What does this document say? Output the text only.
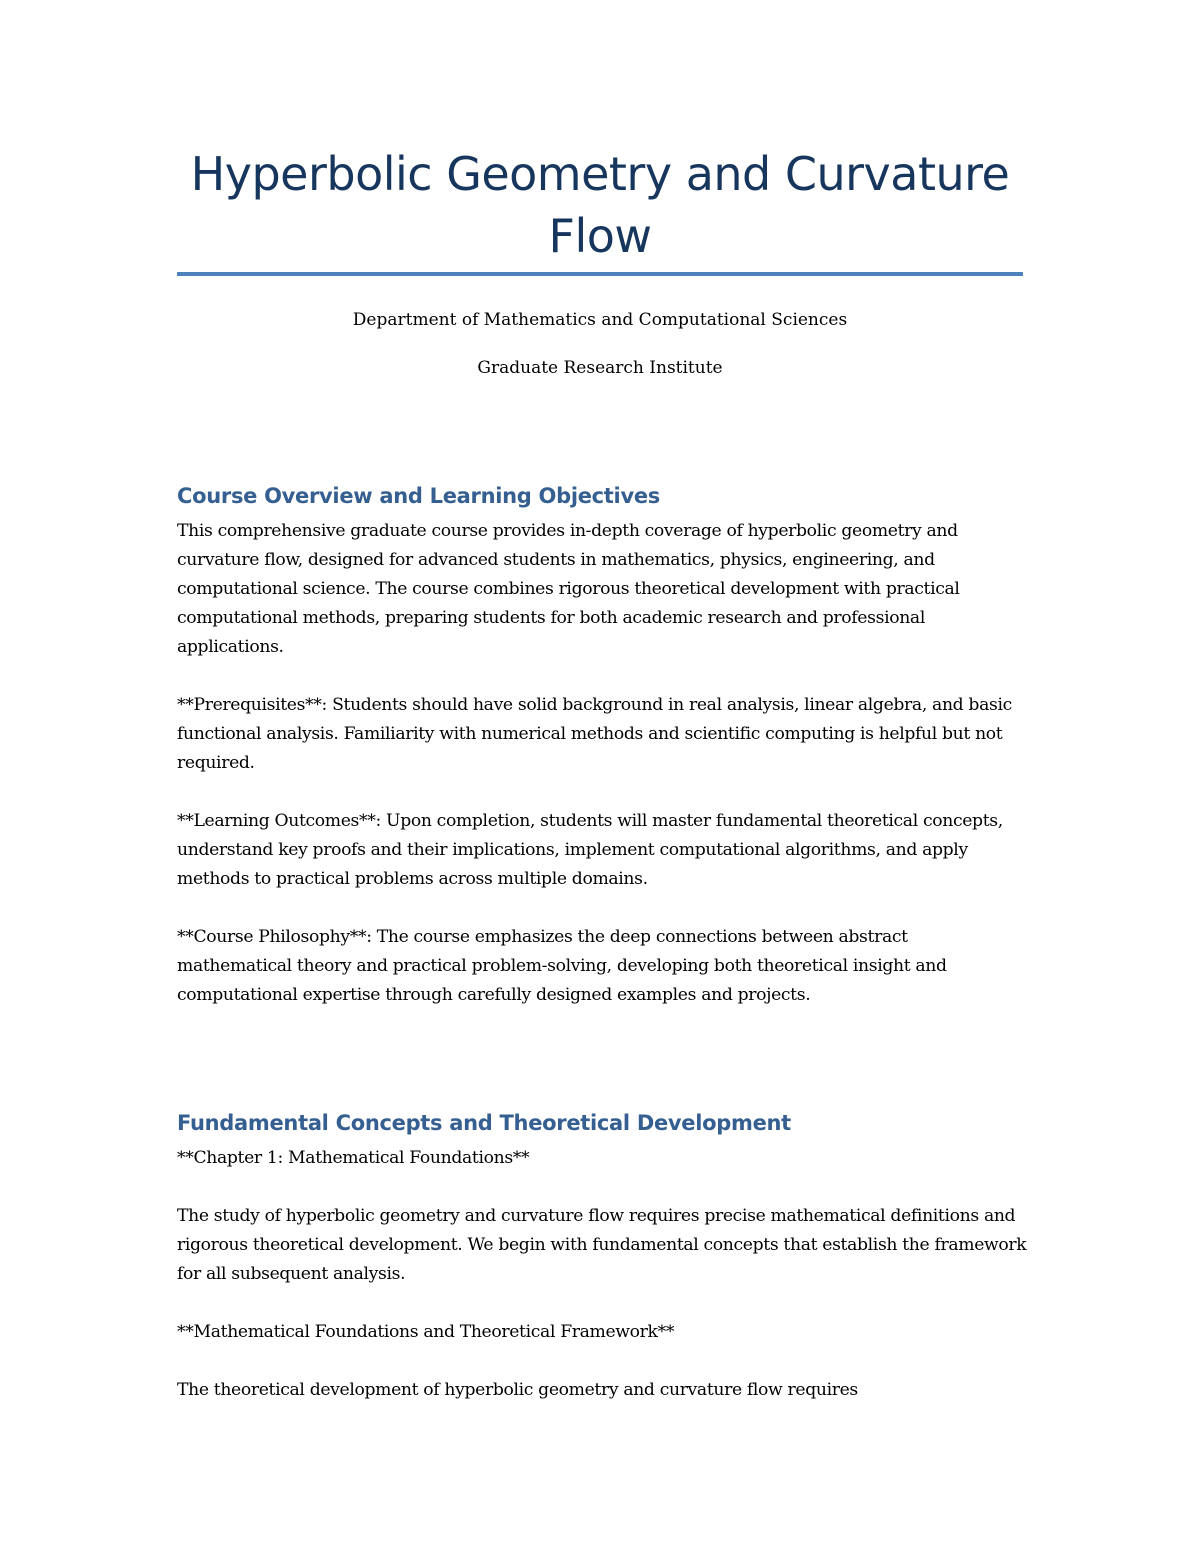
Hyperbolic Geometry and Curvature Flow

Department of Mathematics and Computational Sciences

Graduate Research Institute

Course Overview and Learning Objectives

This comprehensive graduate course provides in-depth coverage of hyperbolic geometry and curvature flow, designed for advanced students in mathematics, physics, engineering, and computational science. The course combines rigorous theoretical development with practical computational methods, preparing students for both academic research and professional applications.

**Prerequisites**: Students should have solid background in real analysis, linear algebra, and basic functional analysis. Familiarity with numerical methods and scientific computing is helpful but not required.

**Learning Outcomes**: Upon completion, students will master fundamental theoretical concepts, understand key proofs and their implications, implement computational algorithms, and apply methods to practical problems across multiple domains.

**Course Philosophy**: The course emphasizes the deep connections between abstract mathematical theory and practical problem-solving, developing both theoretical insight and computational expertise through carefully designed examples and projects.

Fundamental Concepts and Theoretical Development

**Chapter 1: Mathematical Foundations**

The study of hyperbolic geometry and curvature flow requires precise mathematical definitions and rigorous theoretical development. We begin with fundamental concepts that establish the framework for all subsequent analysis.

**Mathematical Foundations and Theoretical Framework**

The theoretical development of hyperbolic geometry and curvature flow requires
